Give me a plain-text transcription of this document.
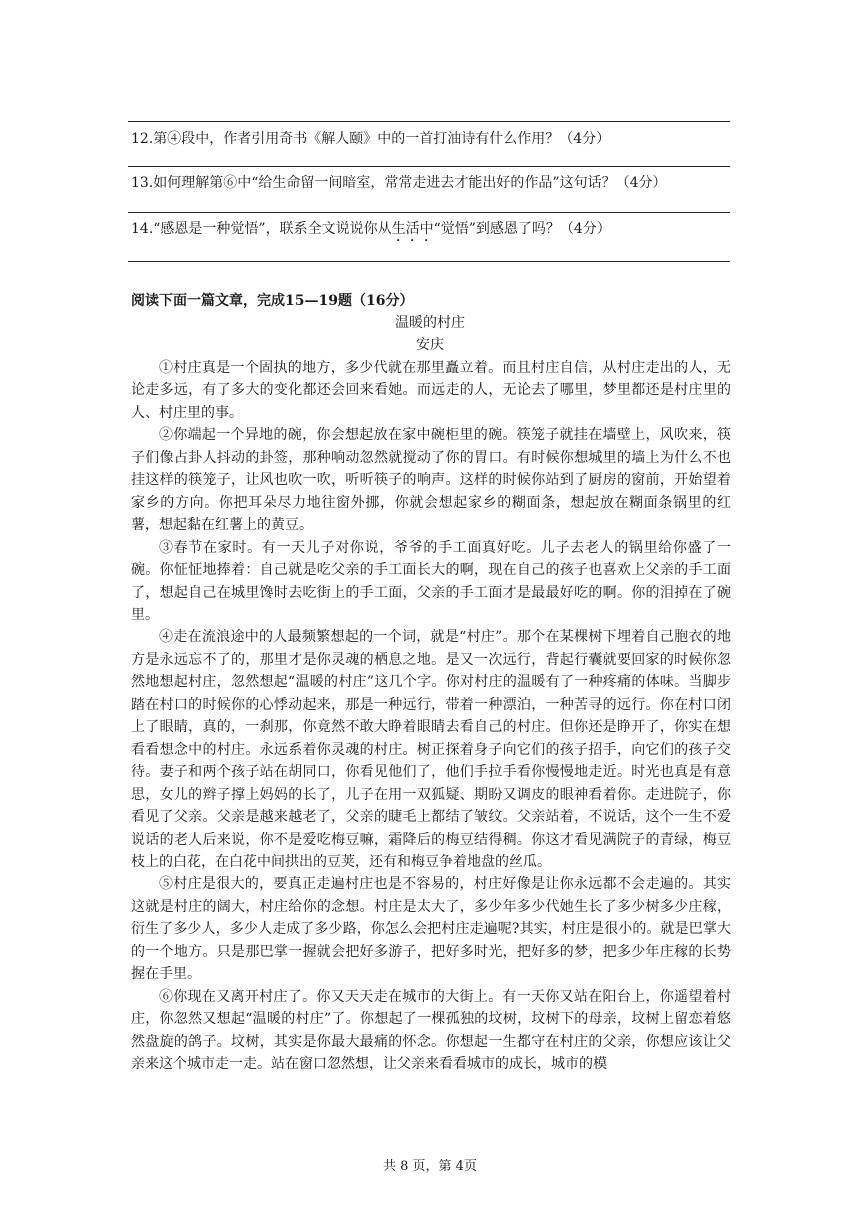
12.第④段中，作者引用奇书《解人颐》中的一首打油诗有什么作用？（4分）
13.如何理解第⑥中“给生命留一间暗室，常常走进去才能出好的作品”这句话？（4分）
14.“感恩是一种觉悟”，联系全文说说你从生活中“觉悟”到感恩了吗？（4分）
阅读下面一篇文章，完成15—19题（16分）
温暖的村庄
安庆

①村庄真是一个固执的地方，多少代就在那里矗立着。而且村庄自信，从村庄走出的人，无论走多远，有了多大的变化都还会回来看她。而远走的人，无论去了哪里，梦里都还是村庄里的人、村庄里的事。

②你端起一个异地的碗，你会想起放在家中碗柜里的碗。筷笼子就挂在墙壁上，风吹来，筷子们像占卦人抖动的卦签，那种响动忽然就搅动了你的胃口。有时候你想城里的墙上为什么不也挂这样的筷笼子，让风也吹一吹，听听筷子的响声。这样的时候你站到了厨房的窗前，开始望着家乡的方向。你把耳朵尽力地往窗外挪，你就会想起家乡的糊面条，想起放在糊面条锅里的红薯，想起黏在红薯上的黄豆。

③春节在家时。有一天儿子对你说，爷爷的手工面真好吃。儿子去老人的锅里给你盛了一碗。你怔怔地捧着：自己就是吃父亲的手工面长大的啊，现在自己的孩子也喜欢上父亲的手工面了，想起自己在城里馋时去吃街上的手工面，父亲的手工面才是最最好吃的啊。你的泪掉在了碗里。

④走在流浪途中的人最频繁想起的一个词，就是“村庄”。那个在某棵树下埋着自己胞衣的地方是永远忘不了的，那里才是你灵魂的栖息之地。是又一次远行，背起行囊就要回家的时候你忽然地想起村庄，忽然想起“温暖的村庄”这几个字。你对村庄的温暖有了一种疼痛的体味。当脚步踏在村口的时候你的心悸动起来，那是一种远行，带着一种漂泊，一种苦寻的远行。你在村口闭上了眼睛，真的，一刹那，你竟然不敢大睁着眼睛去看自己的村庄。但你还是睁开了，你实在想看看想念中的村庄。永远系着你灵魂的村庄。树正探着身子向它们的孩子招手，向它们的孩子交待。妻子和两个孩子站在胡同口，你看见他们了，他们手拉手看你慢慢地走近。时光也真是有意思，女儿的辫子撑上妈妈的长了，儿子在用一双狐疑、期盼又调皮的眼神看着你。走进院子，你看见了父亲。父亲是越来越老了，父亲的睫毛上都结了皱纹。父亲站着，不说话，这个一生不爱说话的老人后来说，你不是爱吃梅豆嘛，霜降后的梅豆结得稠。你这才看见满院子的青绿，梅豆枝上的白花，在白花中间拱出的豆荚，还有和梅豆争着地盘的丝瓜。

⑤村庄是很大的，要真正走遍村庄也是不容易的，村庄好像是让你永远都不会走遍的。其实这就是村庄的阔大，村庄给你的念想。村庄是太大了，多少年多少代她生长了多少树多少庄稼，衍生了多少人，多少人走成了多少路，你怎么会把村庄走遍呢?其实，村庄是很小的。就是巴掌大的一个地方。只是那巴掌一握就会把好多游子，把好多时光，把好多的梦，把多少年庄稼的长势握在手里。

⑥你现在又离开村庄了。你又天天走在城市的大街上。有一天你又站在阳台上，你遥望着村庄，你忽然又想起“温暖的村庄”了。你想起了一棵孤独的坟树，坟树下的母亲，坟树上留恋着悠然盘旋的鸽子。坟树，其实是你最大最痛的怀念。你想起一生都守在村庄的父亲，你想应该让父亲来这个城市走一走。站在窗口忽然想，让父亲来看看城市的成长，城市的模

共 8 页，第 4页
